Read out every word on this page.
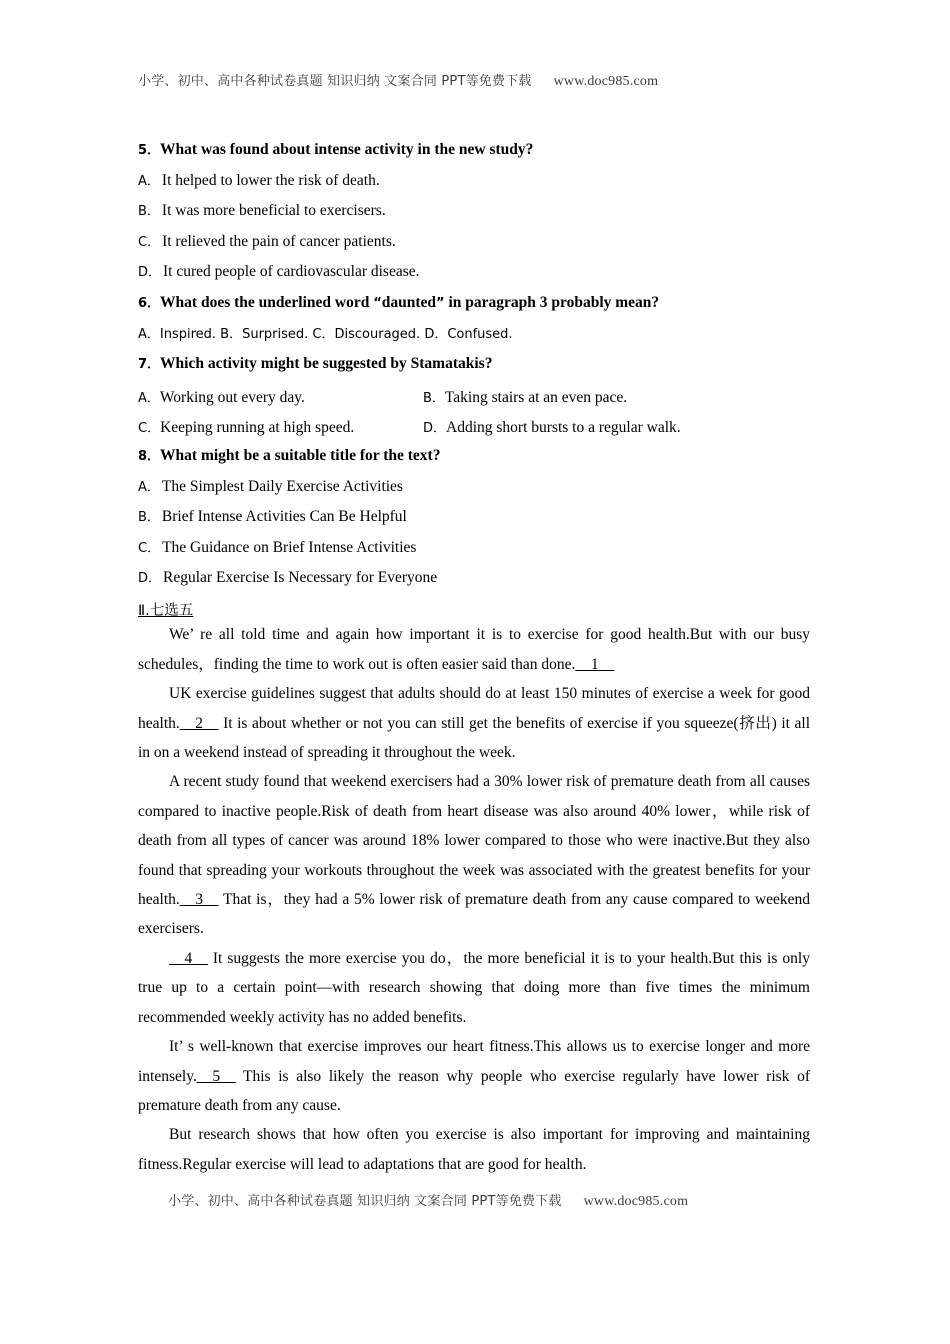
小学、初中、高中各种试卷真题 知识归纳 文案合同 PPT等免费下载 www.doc985.com
5．What was found about intense activity in the new study?
A． It helped to lower the risk of death.
B． It was more beneficial to exercisers.
C． It relieved the pain of cancer patients.
D． It cured people of cardiovascular disease.
6．What does the underlined word “daunted” in paragraph 3 probably mean?
A．Inspired. B．Surprised. C．Discouraged. D．Confused.
7．Which activity might be suggested by Stamatakis?
A．Working out every day.	B．Taking stairs at an even pace.
C．Keeping running at high speed.	D．Adding short bursts to a regular walk.
8．What might be a suitable title for the text?
A． The Simplest Daily Exercise Activities
B． Brief Intense Activities Can Be Helpful
C． The Guidance on Brief Intense Activities
D． Regular Exercise Is Necessary for Everyone
Ⅱ.七选五

We’ re all told time and again how important it is to exercise for good health.But with our busy schedules，finding the time to work out is often easier said than done.__1__

UK exercise guidelines suggest that adults should do at least 150 minutes of exercise a week for good health.__2__ It is about whether or not you can still get the benefits of exercise if you squeeze(挤出) it all in on a weekend instead of spreading it throughout the week.

A recent study found that weekend exercisers had a 30% lower risk of premature death from all causes compared to inactive people.Risk of death from heart disease was also around 40% lower，while risk of death from all types of cancer was around 18% lower compared to those who were inactive.But they also found that spreading your workouts throughout the week was associated with the greatest benefits for your health.__3__ That is，they had a 5% lower risk of premature death from any cause compared to weekend exercisers.

__4__ It suggests the more exercise you do，the more beneficial it is to your health.But this is only true up to a certain point—with research showing that doing more than five times the minimum recommended weekly activity has no added benefits.

It’ s well-known that exercise improves our heart fitness.This allows us to exercise longer and more intensely.__5__ This is also likely the reason why people who exercise regularly have lower risk of premature death from any cause.

But research shows that how often you exercise is also important for improving and maintaining fitness.Regular exercise will lead to adaptations that are good for health.

小学、初中、高中各种试卷真题 知识归纳 文案合同 PPT等免费下载 www.doc985.com
